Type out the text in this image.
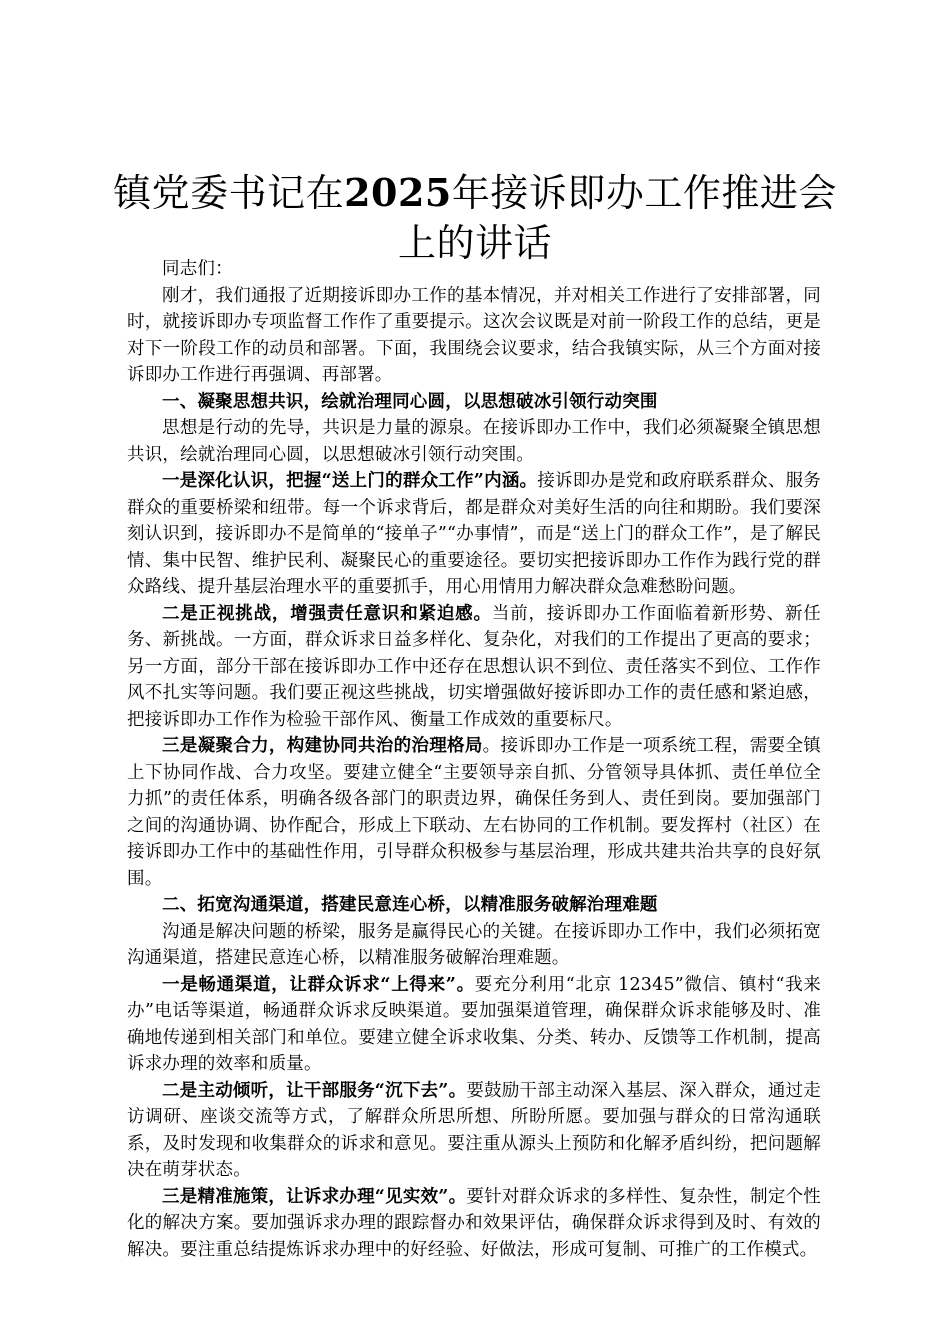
镇党委书记在2025年接诉即办工作推进会上的讲话

同志们：

刚才，我们通报了近期接诉即办工作的基本情况，并对相关工作进行了安排部署，同时，就接诉即办专项监督工作作了重要提示。这次会议既是对前一阶段工作的总结，更是对下一阶段工作的动员和部署。下面，我围绕会议要求，结合我镇实际，从三个方面对接诉即办工作进行再强调、再部署。

一、凝聚思想共识，绘就治理同心圆，以思想破冰引领行动突围

思想是行动的先导，共识是力量的源泉。在接诉即办工作中，我们必须凝聚全镇思想共识，绘就治理同心圆，以思想破冰引领行动突围。

一是深化认识，把握“送上门的群众工作”内涵。接诉即办是党和政府联系群众、服务群众的重要桥梁和纽带。每一个诉求背后，都是群众对美好生活的向往和期盼。我们要深刻认识到，接诉即办不是简单的“接单子”“办事情”，而是“送上门的群众工作”，是了解民情、集中民智、维护民利、凝聚民心的重要途径。要切实把接诉即办工作作为践行党的群众路线、提升基层治理水平的重要抓手，用心用情用力解决群众急难愁盼问题。

二是正视挑战，增强责任意识和紧迫感。当前，接诉即办工作面临着新形势、新任务、新挑战。一方面，群众诉求日益多样化、复杂化，对我们的工作提出了更高的要求；另一方面，部分干部在接诉即办工作中还存在思想认识不到位、责任落实不到位、工作作风不扎实等问题。我们要正视这些挑战，切实增强做好接诉即办工作的责任感和紧迫感，把接诉即办工作作为检验干部作风、衡量工作成效的重要标尺。

三是凝聚合力，构建协同共治的治理格局。接诉即办工作是一项系统工程，需要全镇上下协同作战、合力攻坚。要建立健全“主要领导亲自抓、分管领导具体抓、责任单位全力抓”的责任体系，明确各级各部门的职责边界，确保任务到人、责任到岗。要加强部门之间的沟通协调、协作配合，形成上下联动、左右协同的工作机制。要发挥村（社区）在接诉即办工作中的基础性作用，引导群众积极参与基层治理，形成共建共治共享的良好氛围。

二、拓宽沟通渠道，搭建民意连心桥，以精准服务破解治理难题

沟通是解决问题的桥梁，服务是赢得民心的关键。在接诉即办工作中，我们必须拓宽沟通渠道，搭建民意连心桥，以精准服务破解治理难题。

一是畅通渠道，让群众诉求“上得来”。要充分利用“北京 12345”微信、镇村“我来办”电话等渠道，畅通群众诉求反映渠道。要加强渠道管理，确保群众诉求能够及时、准确地传递到相关部门和单位。要建立健全诉求收集、分类、转办、反馈等工作机制，提高诉求办理的效率和质量。

二是主动倾听，让干部服务“沉下去”。要鼓励干部主动深入基层、深入群众，通过走访调研、座谈交流等方式，了解群众所思所想、所盼所愿。要加强与群众的日常沟通联系，及时发现和收集群众的诉求和意见。要注重从源头上预防和化解矛盾纠纷，把问题解决在萌芽状态。

三是精准施策，让诉求办理“见实效”。要针对群众诉求的多样性、复杂性，制定个性化的解决方案。要加强诉求办理的跟踪督办和效果评估，确保群众诉求得到及时、有效的解决。要注重总结提炼诉求办理中的好经验、好做法，形成可复制、可推广的工作模式。
